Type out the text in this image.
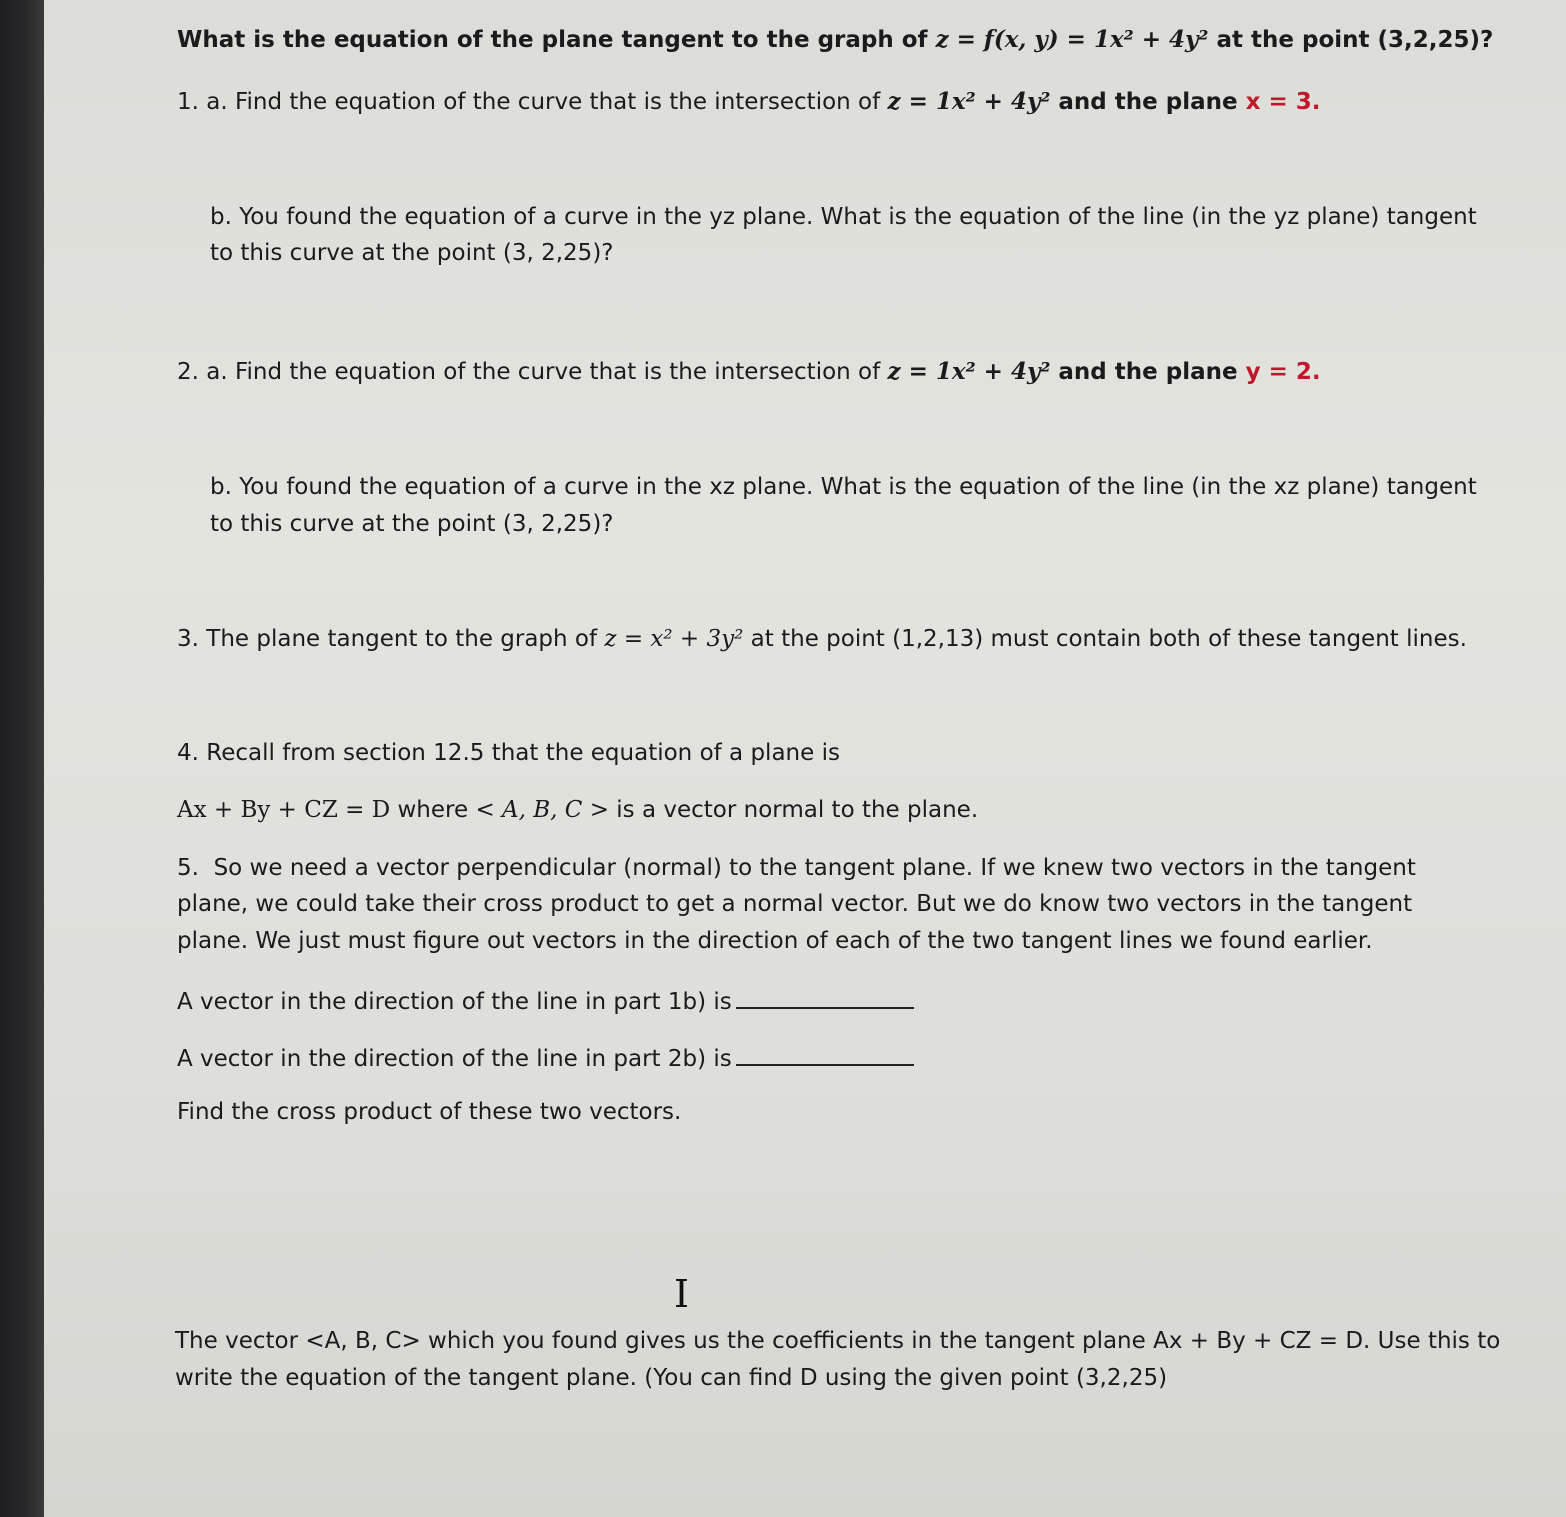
What is the equation of the plane tangent to the graph of z = f(x, y) = 1x² + 4y² at the point (3,2,25)?
1. a. Find the equation of the curve that is the intersection of z = 1x² + 4y² and the plane x = 3.
b. You found the equation of a curve in the yz plane. What is the equation of the line (in the yz plane) tangent
to this curve at the point (3, 2,25)?
2. a. Find the equation of the curve that is the intersection of z = 1x² + 4y² and the plane y = 2.
b. You found the equation of a curve in the xz plane. What is the equation of the line (in the xz plane) tangent
to this curve at the point (3, 2,25)?
3. The plane tangent to the graph of z = x² + 3y² at the point (1,2,13) must contain both of these tangent lines.
4. Recall from section 12.5 that the equation of a plane is
Ax + By + CZ = D where < A, B, C > is a vector normal to the plane.
5. So we need a vector perpendicular (normal) to the tangent plane. If we knew two vectors in the tangent
plane, we could take their cross product to get a normal vector. But we do know two vectors in the tangent
plane. We just must figure out vectors in the direction of each of the two tangent lines we found earlier.
A vector in the direction of the line in part 1b) is
A vector in the direction of the line in part 2b) is
Find the cross product of these two vectors.
I
The vector <A, B, C> which you found gives us the coefficients in the tangent plane Ax + By + CZ = D. Use this to
write the equation of the tangent plane. (You can find D using the given point (3,2,25)
